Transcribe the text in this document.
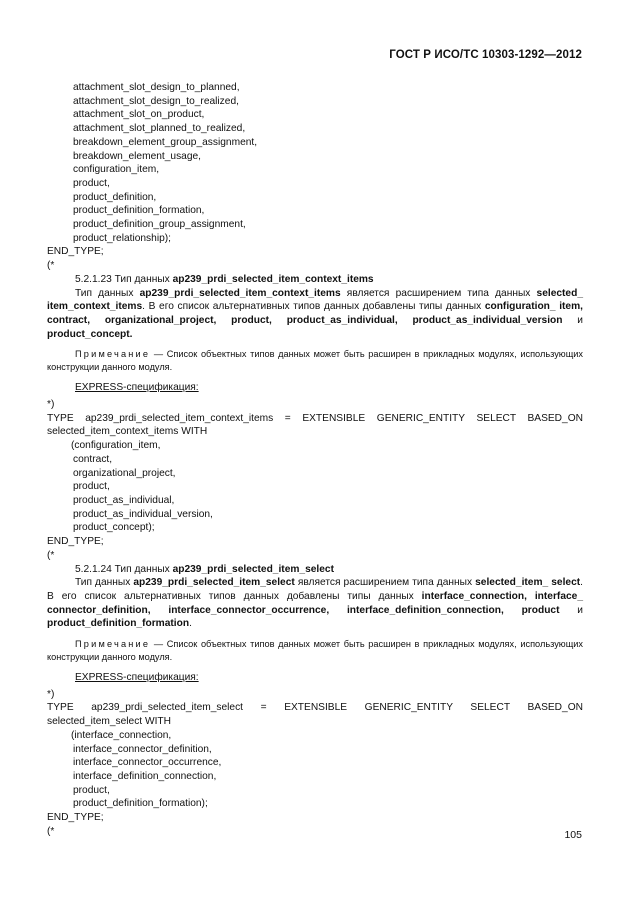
ГОСТ Р ИСО/ТС 10303-1292—2012
attachment_slot_design_to_planned,
attachment_slot_design_to_realized,
attachment_slot_on_product,
attachment_slot_planned_to_realized,
breakdown_element_group_assignment,
breakdown_element_usage,
configuration_item,
product,
product_definition,
product_definition_formation,
product_definition_group_assignment,
product_relationship);
END_TYPE;
(*
5.2.1.23 Тип данных ap239_prdi_selected_item_context_items
Тип данных ap239_prdi_selected_item_context_items является расширением типа данных selected_ item_context_items. В его список альтернативных типов данных добавлены типы данных configuration_ item, contract, organizational_project, product, product_as_individual, product_as_individual_version и product_concept.
Примечание — Список объектных типов данных может быть расширен в прикладных модулях, использующих конструкции данного модуля.
EXPRESS-спецификация:
*)
TYPE ap239_prdi_selected_item_context_items = EXTENSIBLE GENERIC_ENTITY SELECT BASED_ON
selected_item_context_items WITH
(configuration_item,
contract,
organizational_project,
product,
product_as_individual,
product_as_individual_version,
product_concept);
END_TYPE;
(*
5.2.1.24 Тип данных ap239_prdi_selected_item_select
Тип данных ap239_prdi_selected_item_select является расширением типа данных selected_item_ select. В его список альтернативных типов данных добавлены типы данных interface_connection, interface_ connector_definition, interface_connector_occurrence, interface_definition_connection, product и product_definition_formation.
Примечание — Список объектных типов данных может быть расширен в прикладных модулях, использующих конструкции данного модуля.
EXPRESS-спецификация:
*)
TYPE ap239_prdi_selected_item_select = EXTENSIBLE GENERIC_ENTITY SELECT BASED_ON
selected_item_select WITH
(interface_connection,
interface_connector_definition,
interface_connector_occurrence,
interface_definition_connection,
product,
product_definition_formation);
END_TYPE;
(*	105
